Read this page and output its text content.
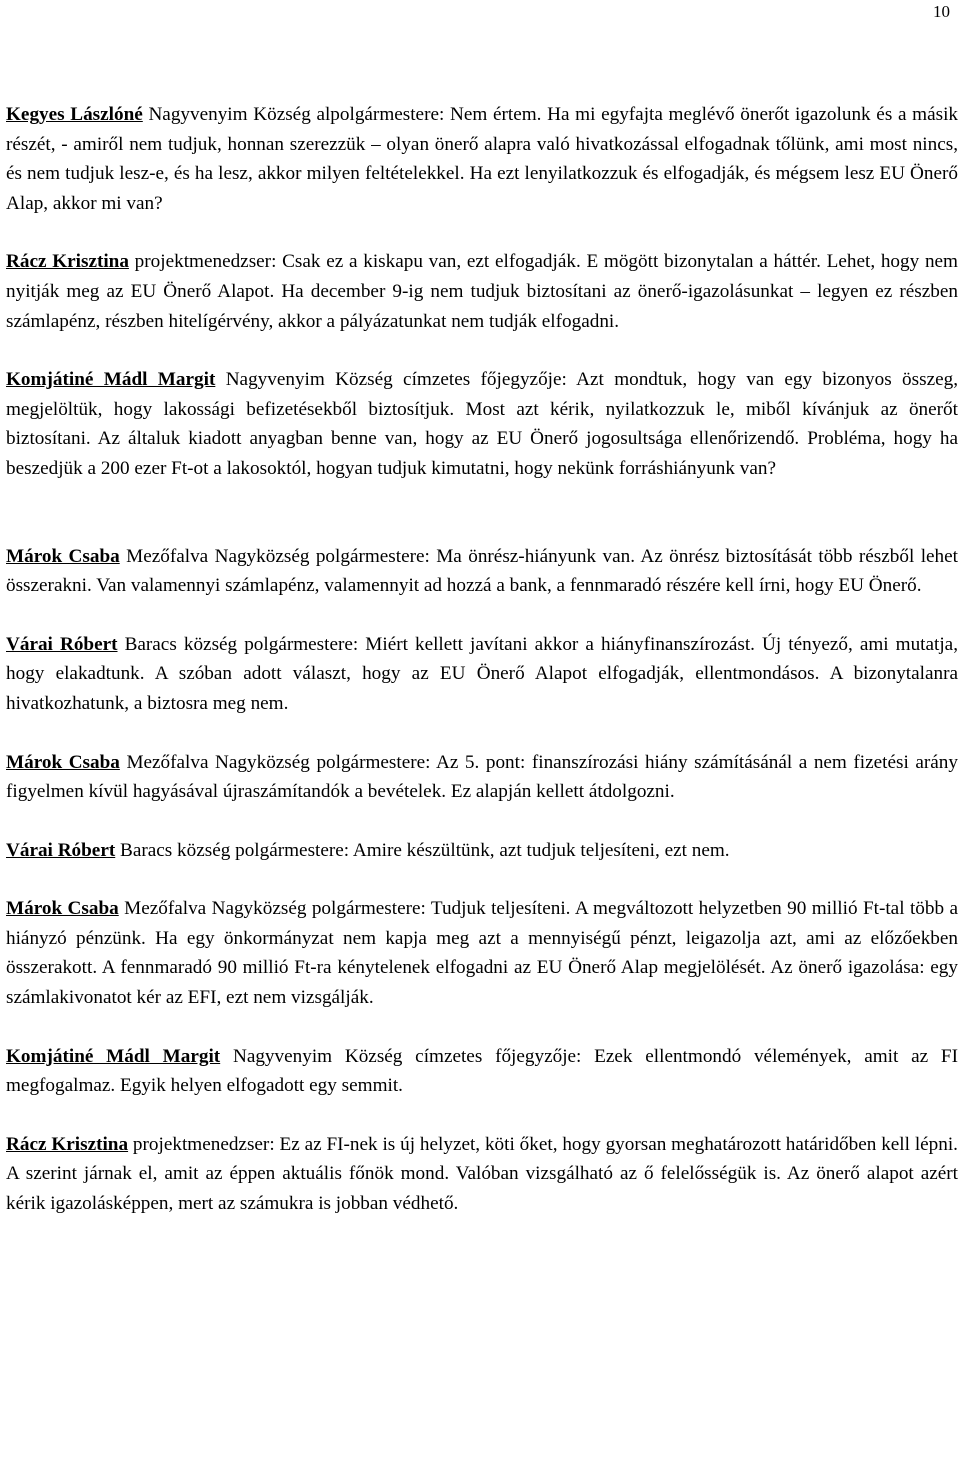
10

Kegyes Lászlóné Nagyvenyim Község alpolgármestere: Nem értem. Ha mi egyfajta meglévő önerőt igazolunk és a másik részét, - amiről nem tudjuk, honnan szerezzük – olyan önerő alapra való hivatkozással elfogadnak tőlünk, ami most nincs, és nem tudjuk lesz-e, és ha lesz, akkor milyen feltételekkel. Ha ezt lenyilatkozzuk és elfogadják, és mégsem lesz EU Önerő Alap, akkor mi van?

Rácz Krisztina projektmenedzser: Csak ez a kiskapu van, ezt elfogadják. E mögött bizonytalan a háttér. Lehet, hogy nem nyitják meg az EU Önerő Alapot. Ha december 9-ig nem tudjuk biztosítani az önerő-igazolásunkat – legyen ez részben számlapénz, részben hitelígérvény, akkor a pályázatunkat nem tudják elfogadni.

Komjátiné Mádl Margit Nagyvenyim Község címzetes főjegyzője: Azt mondtuk, hogy van egy bizonyos összeg, megjelöltük, hogy lakossági befizetésekből biztosítjuk. Most azt kérik, nyilatkozzuk le, miből kívánjuk az önerőt biztosítani. Az általuk kiadott anyagban benne van, hogy az EU Önerő jogosultsága ellenőrizendő. Probléma, hogy ha beszedjük a 200 ezer Ft-ot a lakosoktól, hogyan tudjuk kimutatni, hogy nekünk forráshiányunk van?

Márok Csaba Mezőfalva Nagyközség polgármestere: Ma önrész-hiányunk van. Az önrész biztosítását több részből lehet összerakni. Van valamennyi számlapénz, valamennyit ad hozzá a bank, a fennmaradó részére kell írni, hogy EU Önerő.

Várai Róbert Baracs község polgármestere: Miért kellett javítani akkor a hiányfinanszírozást. Új tényező, ami mutatja, hogy elakadtunk. A szóban adott választ, hogy az EU Önerő Alapot elfogadják, ellentmondásos. A bizonytalanra hivatkozhatunk, a biztosra meg nem.

Márok Csaba Mezőfalva Nagyközség polgármestere: Az 5. pont: finanszírozási hiány számításánál a nem fizetési arány figyelmen kívül hagyásával újraszámítandók a bevételek. Ez alapján kellett átdolgozni.

Várai Róbert Baracs község polgármestere: Amire készültünk, azt tudjuk teljesíteni, ezt nem.

Márok Csaba Mezőfalva Nagyközség polgármestere: Tudjuk teljesíteni. A megváltozott helyzetben 90 millió Ft-tal több a hiányzó pénzünk. Ha egy önkormányzat nem kapja meg azt a mennyiségű pénzt, leigazolja azt, ami az előzőekben összerakott. A fennmaradó 90 millió Ft-ra kénytelenek elfogadni az EU Önerő Alap megjelölését. Az önerő igazolása: egy számlakivonatot kér az EFI, ezt nem vizsgálják.

Komjátiné Mádl Margit Nagyvenyim Község címzetes főjegyzője: Ezek ellentmondó vélemények, amit az FI megfogalmaz. Egyik helyen elfogadott egy semmit.

Rácz Krisztina projektmenedzser: Ez az FI-nek is új helyzet, köti őket, hogy gyorsan meghatározott határidőben kell lépni. A szerint járnak el, amit az éppen aktuális főnök mond. Valóban vizsgálható az ő felelősségük is. Az önerő alapot azért kérik igazolásképpen, mert az számukra is jobban védhető.
